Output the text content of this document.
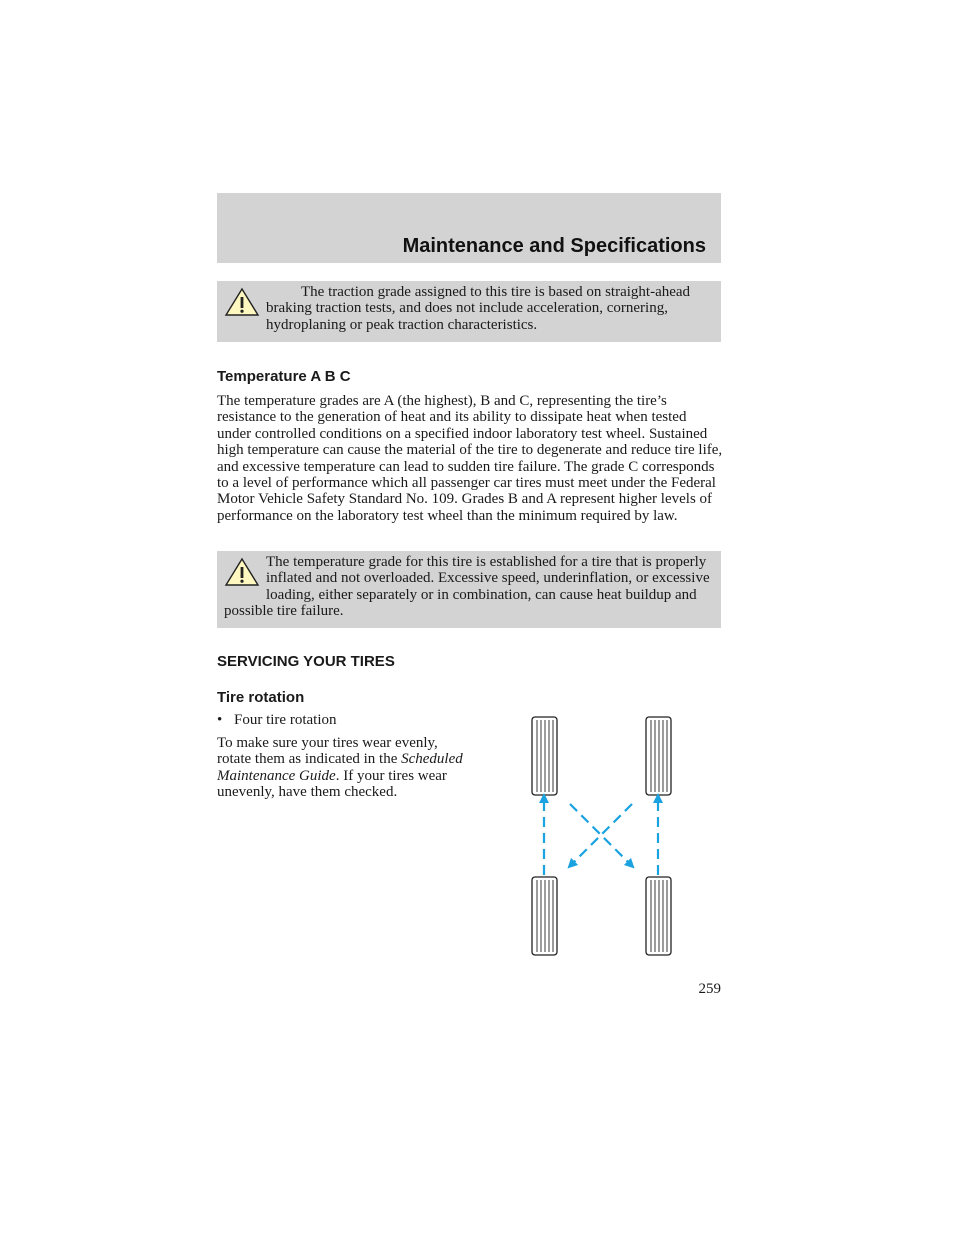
Maintenance and Specifications

The traction grade assigned to this tire is based on straight-ahead braking traction tests, and does not include acceleration, cornering, hydroplaning or peak traction characteristics.

Temperature A B C

The temperature grades are A (the highest), B and C, representing the tire’s resistance to the generation of heat and its ability to dissipate heat when tested under controlled conditions on a specified indoor laboratory test wheel. Sustained high temperature can cause the material of the tire to degenerate and reduce tire life, and excessive temperature can lead to sudden tire failure. The grade C corresponds to a level of performance which all passenger car tires must meet under the Federal Motor Vehicle Safety Standard No. 109. Grades B and A represent higher levels of performance on the laboratory test wheel than the minimum required by law.

The temperature grade for this tire is established for a tire that is properly inflated and not overloaded. Excessive speed, underinflation, or excessive loading, either separately or in combination, can cause heat buildup and possible tire failure.

SERVICING YOUR TIRES
Tire rotation
• Four tire rotation
To make sure your tires wear evenly, rotate them as indicated in the Scheduled Maintenance Guide. If your tires wear unevenly, have them checked.
259
